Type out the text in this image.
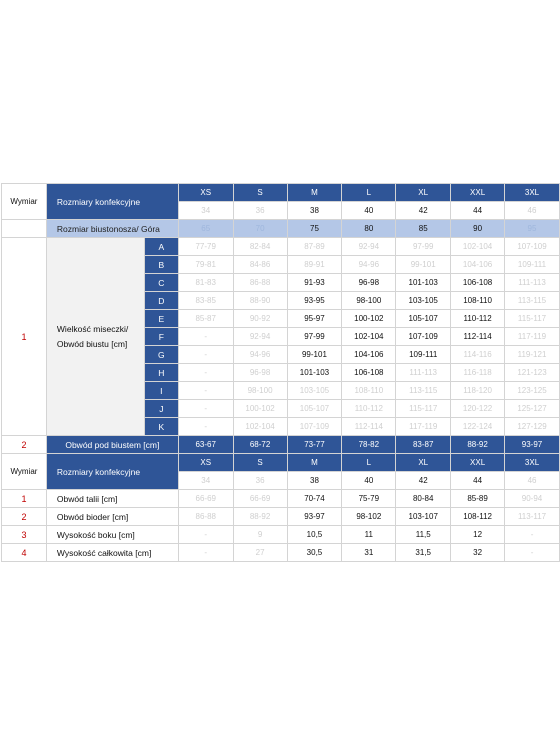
Wymiar	Rozmiary konfekcyjne		XS	S	M	L	XL	XXL	3XL
			34	36	38	40	42	44	46
	Rozmiar biustonosza/ Góra		65	70	75	80	85	90	95
1	Wielkość miseczki/ Obwód biustu [cm]	A	77-79	82-84	87-89	92-94	97-99	102-104	107-109
		B	79-81	84-86	89-91	94-96	99-101	104-106	109-111
		C	81-83	86-88	91-93	96-98	101-103	106-108	111-113
		D	83-85	88-90	93-95	98-100	103-105	108-110	113-115
		E	85-87	90-92	95-97	100-102	105-107	110-112	115-117
		F	-	92-94	97-99	102-104	107-109	112-114	117-119
		G	-	94-96	99-101	104-106	109-111	114-116	119-121
		H	-	96-98	101-103	106-108	111-113	116-118	121-123
		I	-	98-100	103-105	108-110	113-115	118-120	123-125
		J	-	100-102	105-107	110-112	115-117	120-122	125-127
		K	-	102-104	107-109	112-114	117-119	122-124	127-129
2	Obwód pod biustem [cm]		63-67	68-72	73-77	78-82	83-87	88-92	93-97
Wymiar	Rozmiary konfekcyjne	XS	S	M	L	XL	XXL	3XL
		34	36	38	40	42	44	46
1	Obwód talii [cm]	66-69	66-69	70-74	75-79	80-84	85-89	90-94
2	Obwód bioder [cm]	86-88	88-92	93-97	98-102	103-107	108-112	113-117
3	Wysokość boku [cm]	-	9	10,5	11	11,5	12	-
4	Wysokość całkowita [cm]	-	27	30,5	31	31,5	32	-
